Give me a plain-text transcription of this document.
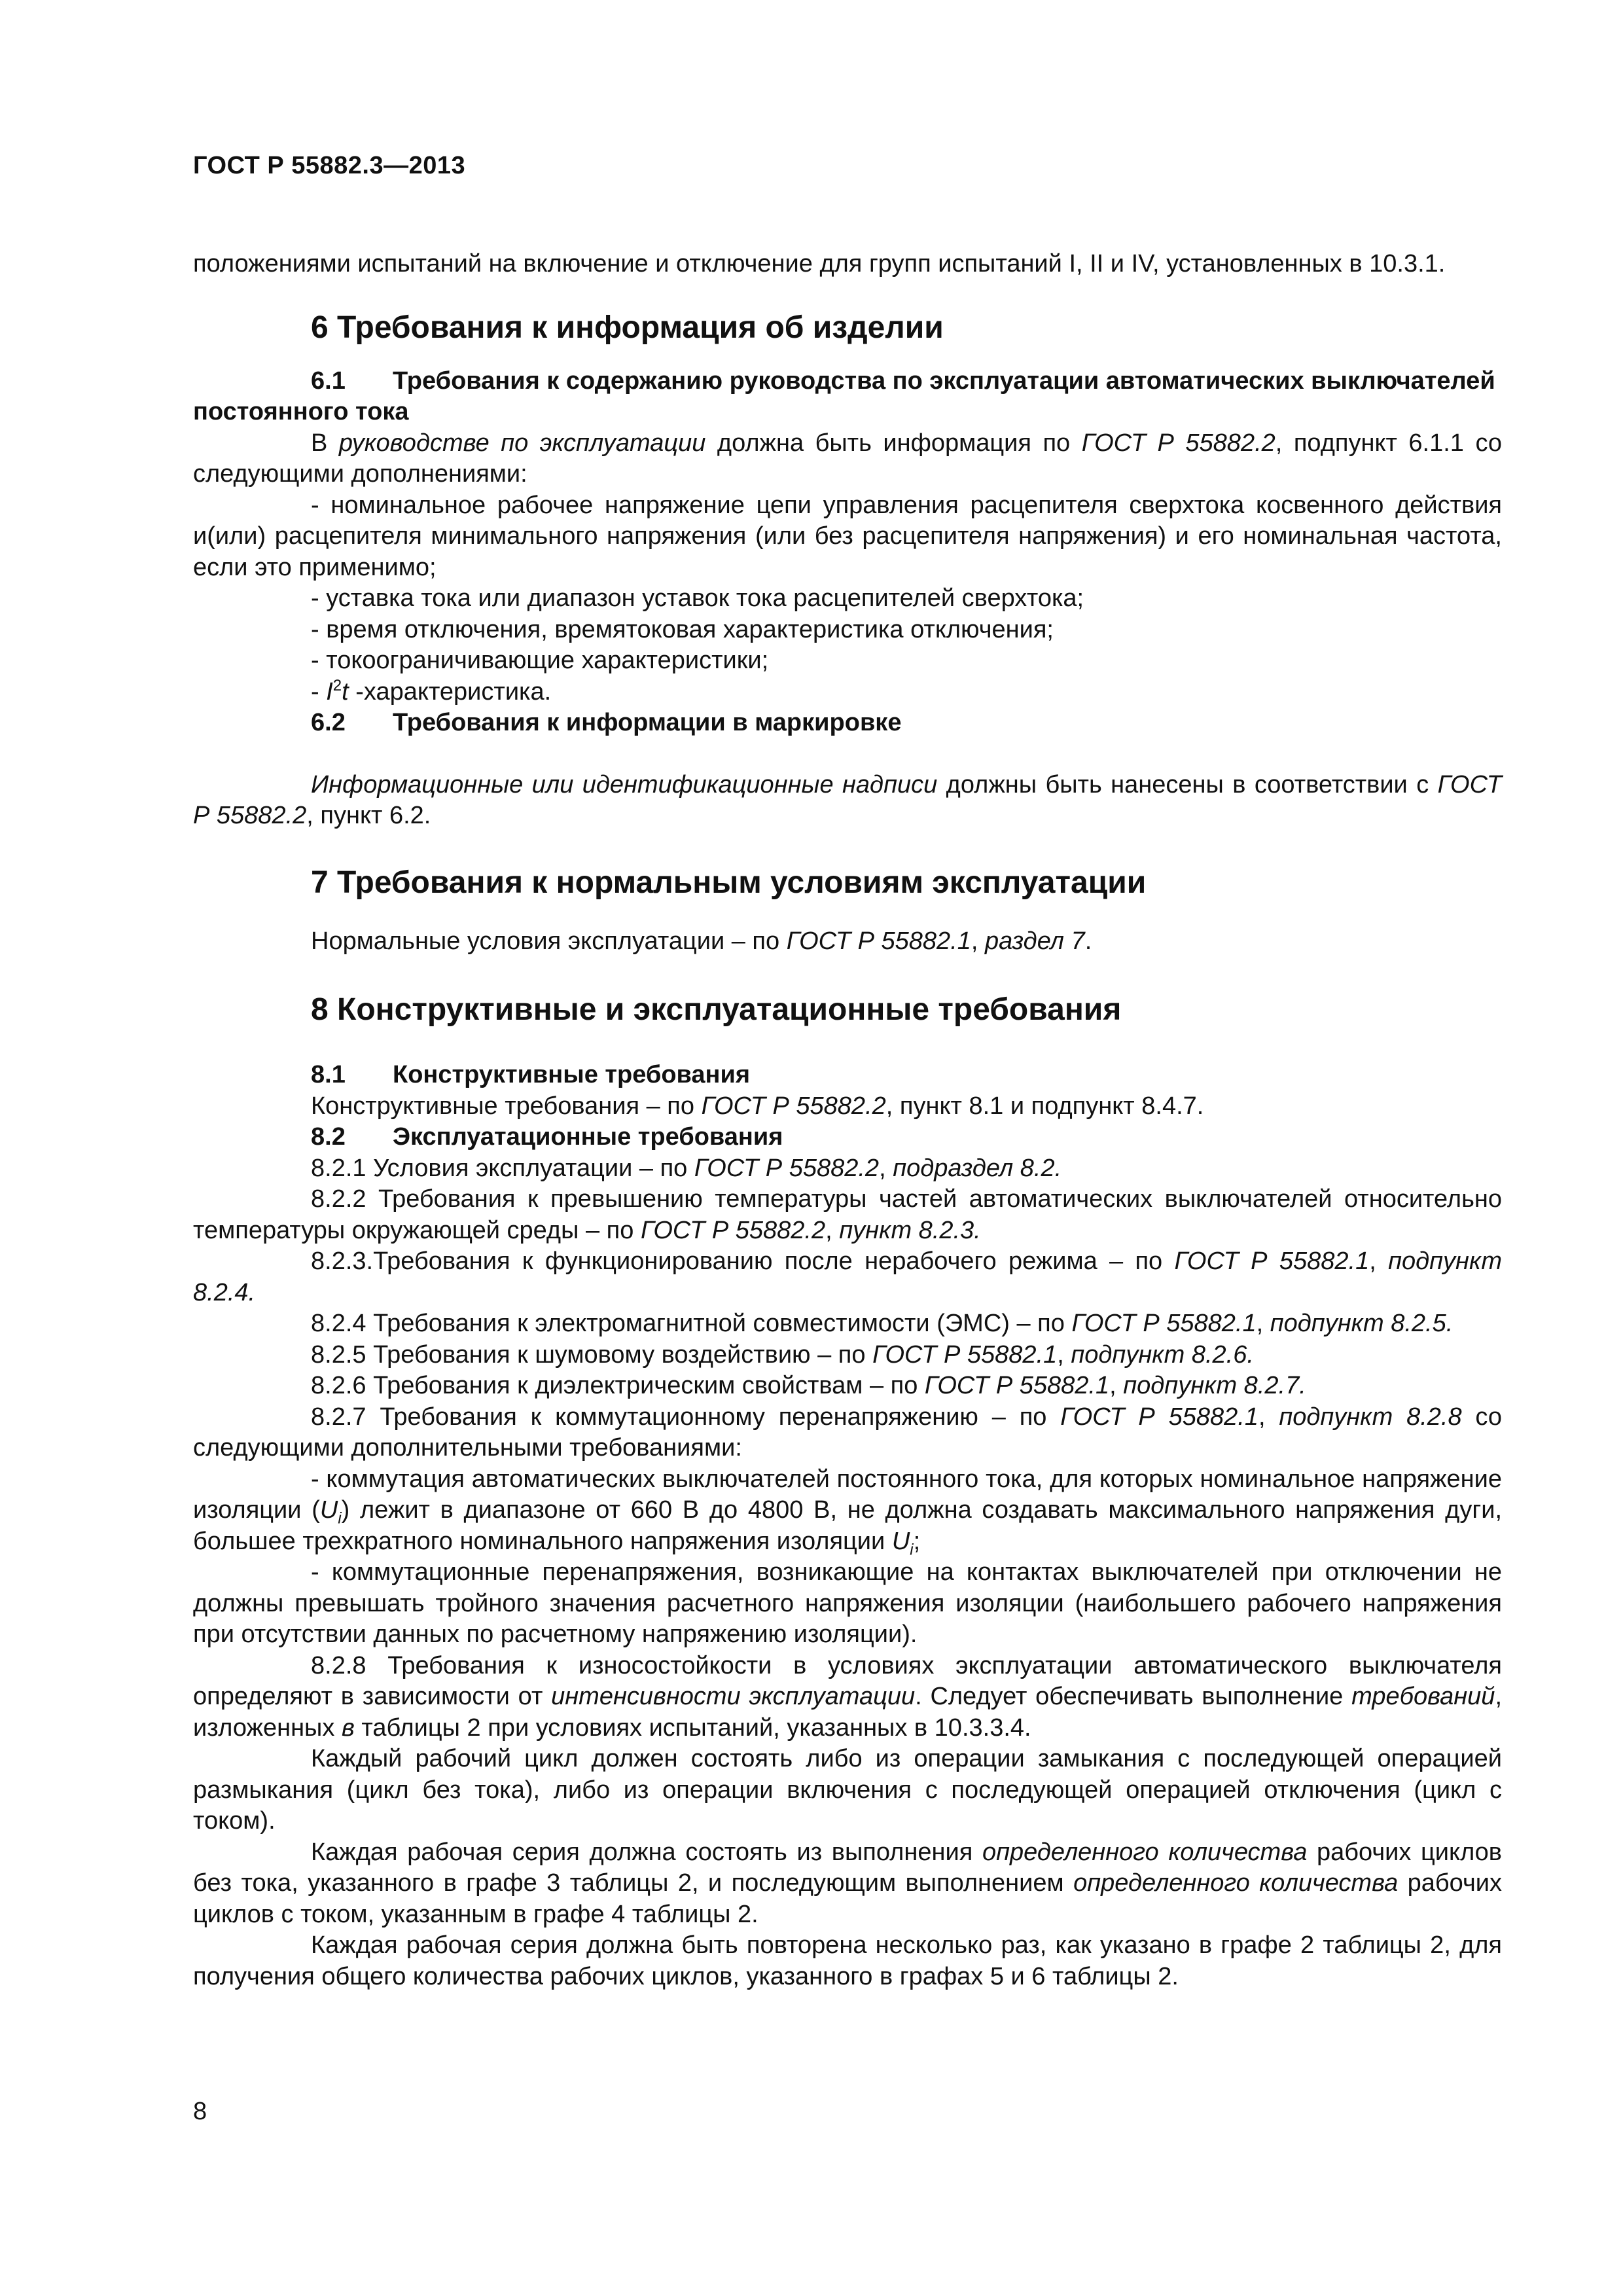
ГОСТ Р 55882.3—2013

положениями испытаний на включение и отключение для групп испытаний I, II и IV, установленных в 10.3.1.

6 Требования к информация об изделии

6.1 Требования к содержанию руководства по эксплуатации автоматических выключателей постоянного тока

В руководстве по эксплуатации должна быть информация по ГОСТ Р 55882.2, подпункт 6.1.1 со следующими дополнениями:

- номинальное рабочее напряжение цепи управления расцепителя сверхтока косвенного действия и(или) расцепителя минимального напряжения (или без расцепителя напряжения) и его номинальная частота, если это применимо;

- уставка тока или диапазон уставок тока расцепителей сверхтока;

- время отключения, времятоковая характеристика отключения;

- токоограничивающие характеристики;

- $I^2t$ -характеристика.

6.2 Требования к информации в маркировке

Информационные или идентификационные надписи должны быть нанесены в соответствии с ГОСТ Р 55882.2, пункт 6.2.

7 Требования к нормальным условиям эксплуатации

Нормальные условия эксплуатации – по ГОСТ Р 55882.1, раздел 7.

8 Конструктивные и эксплуатационные требования

8.1 Конструктивные требования

Конструктивные требования – по ГОСТ Р 55882.2, пункт 8.1 и подпункт 8.4.7.

8.2 Эксплуатационные требования

8.2.1 Условия эксплуатации – по ГОСТ Р 55882.2, подраздел 8.2.

8.2.2 Требования к превышению температуры частей автоматических выключателей относительно температуры окружающей среды – по ГОСТ Р 55882.2, пункт 8.2.3.

8.2.3.Требования к функционированию после нерабочего режима – по ГОСТ Р 55882.1, подпункт 8.2.4.

8.2.4 Требования к электромагнитной совместимости (ЭМС) – по ГОСТ Р 55882.1, подпункт 8.2.5.

8.2.5 Требования к шумовому воздействию – по ГОСТ Р 55882.1, подпункт 8.2.6.

8.2.6 Требования к диэлектрическим свойствам – по ГОСТ Р 55882.1, подпункт 8.2.7.

8.2.7 Требования к коммутационному перенапряжению – по ГОСТ Р 55882.1, подпункт 8.2.8 со следующими дополнительными требованиями:

- коммутация автоматических выключателей постоянного тока, для которых номинальное напряжение изоляции $(U_i)$ лежит в диапазоне от 660 В до 4800 В, не должна создавать максимального напряжения дуги, большее трехкратного номинального напряжения изоляции $U_i$;

- коммутационные перенапряжения, возникающие на контактах выключателей при отключении не должны превышать тройного значения расчетного напряжения изоляции (наибольшего рабочего напряжения при отсутствии данных по расчетному напряжению изоляции).

8.2.8 Требования к износостойкости в условиях эксплуатации автоматического выключателя определяют в зависимости от интенсивности эксплуатации. Следует обеспечивать выполнение требований, изложенных в таблицы 2 при условиях испытаний, указанных в 10.3.3.4.

Каждый рабочий цикл должен состоять либо из операции замыкания с последующей операцией размыкания (цикл без тока), либо из операции включения с последующей операцией отключения (цикл с током).

Каждая рабочая серия должна состоять из выполнения определенного количества рабочих циклов без тока, указанного в графе 3 таблицы 2, и последующим выполнением определенного количества рабочих циклов с током, указанным в графе 4 таблицы 2.

Каждая рабочая серия должна быть повторена несколько раз, как указано в графе 2 таблицы 2, для получения общего количества рабочих циклов, указанного в графах 5 и 6 таблицы 2.

8
